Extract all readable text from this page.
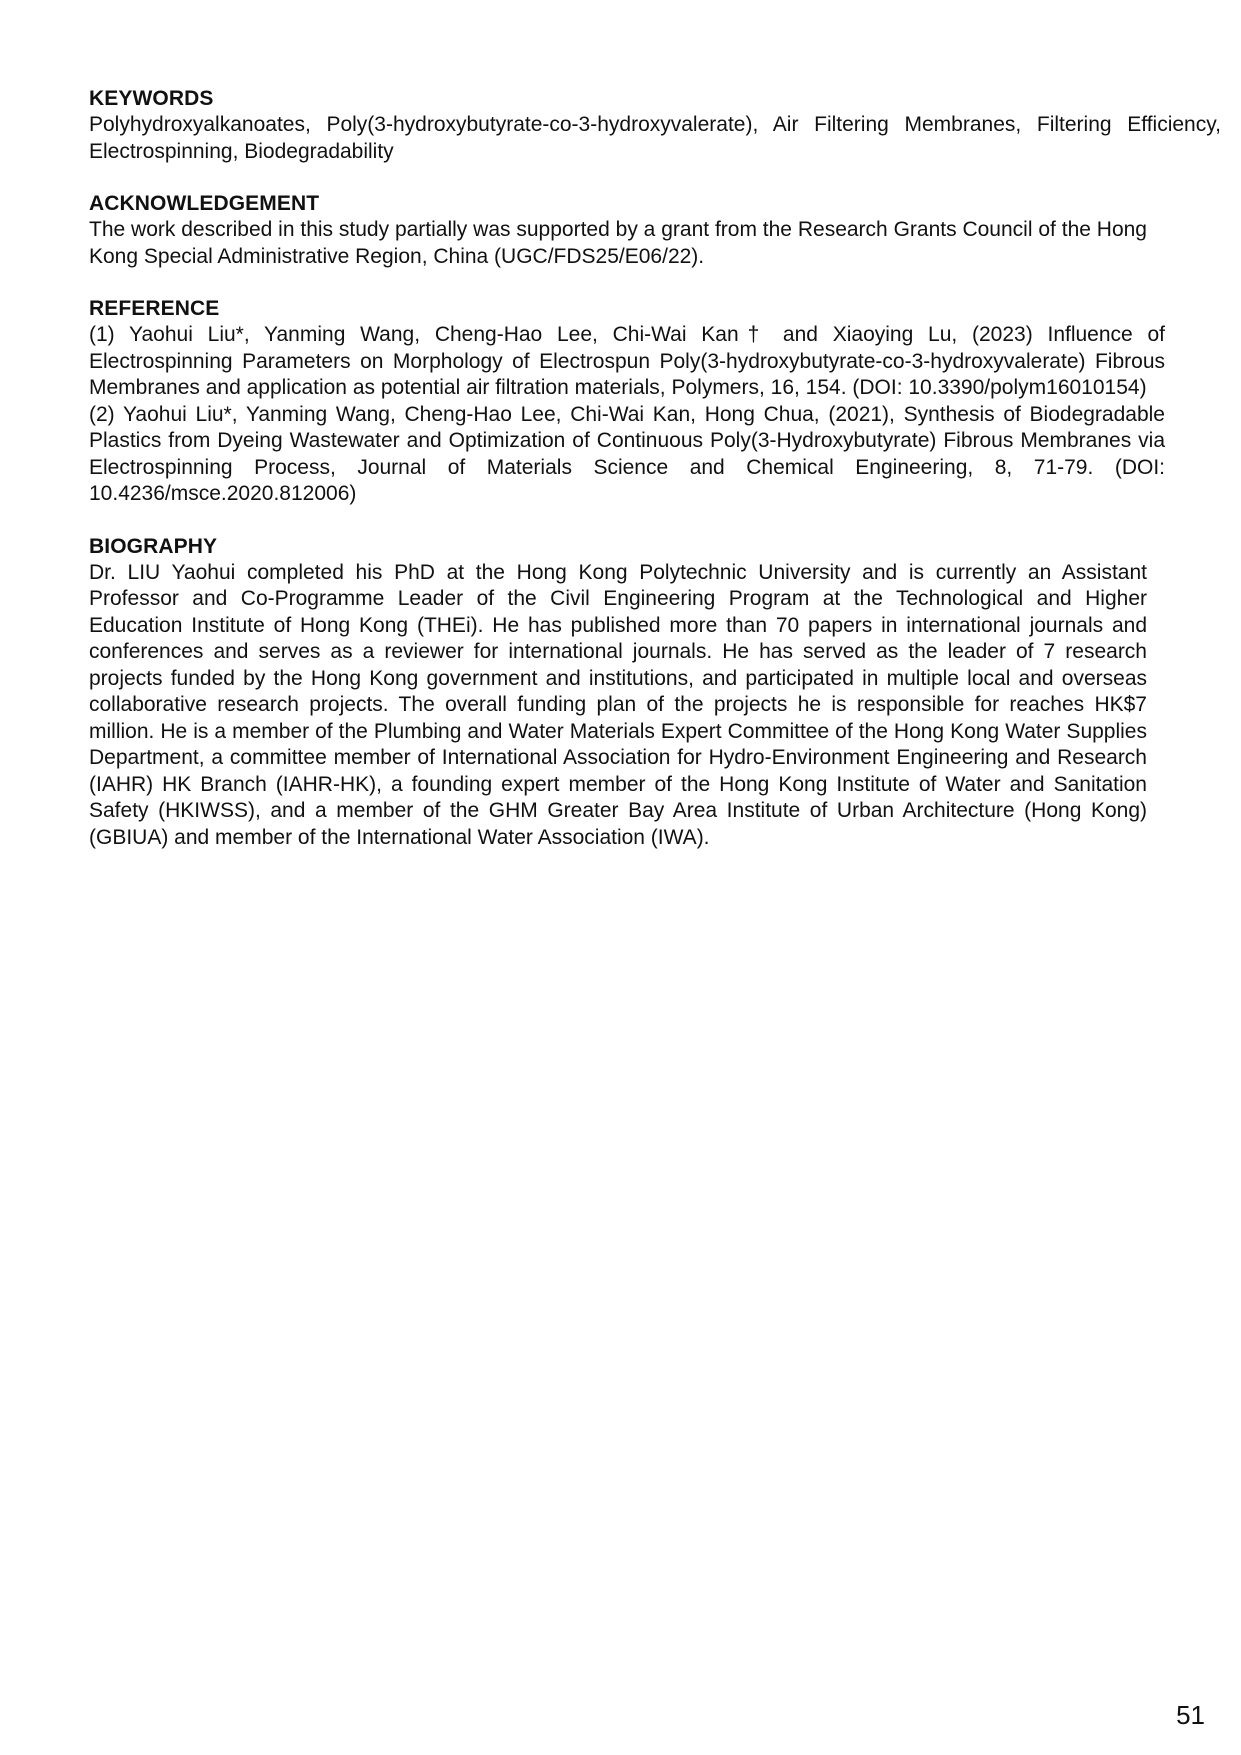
KEYWORDS

Polyhydroxyalkanoates, Poly(3-hydroxybutyrate-co-3-hydroxyvalerate), Air Filtering Membranes, Filtering Efficiency, Electrospinning, Biodegradability

ACKNOWLEDGEMENT

The work described in this study partially was supported by a grant from the Research Grants Council of the Hong Kong Special Administrative Region, China (UGC/FDS25/E06/22).

REFERENCE
(1) Yaohui Liu*, Yanming Wang, Cheng-Hao Lee, Chi-Wai Kan† and Xiaoying Lu, (2023) Influence of Electrospinning Parameters on Morphology of Electrospun Poly(3-hydroxybutyrate-co-3-hydroxyvalerate) Fibrous Membranes and application as potential air filtration materials, Polymers, 16, 154. (DOI: 10.3390/polym16010154)
(2) Yaohui Liu*, Yanming Wang, Cheng-Hao Lee, Chi-Wai Kan, Hong Chua, (2021), Synthesis of Biodegradable Plastics from Dyeing Wastewater and Optimization of Continuous Poly(3-Hydroxybutyrate) Fibrous Membranes via Electrospinning Process, Journal of Materials Science and Chemical Engineering, 8, 71-79. (DOI: 10.4236/msce.2020.812006)
BIOGRAPHY

Dr. LIU Yaohui completed his PhD at the Hong Kong Polytechnic University and is currently an Assistant Professor and Co-Programme Leader of the Civil Engineering Program at the Technological and Higher Education Institute of Hong Kong (THEi). He has published more than 70 papers in international journals and conferences and serves as a reviewer for international journals. He has served as the leader of 7 research projects funded by the Hong Kong government and institutions, and participated in multiple local and overseas collaborative research projects. The overall funding plan of the projects he is responsible for reaches HK$7 million. He is a member of the Plumbing and Water Materials Expert Committee of the Hong Kong Water Supplies Department, a committee member of International Association for Hydro-Environment Engineering and Research (IAHR) HK Branch (IAHR-HK), a founding expert member of the Hong Kong Institute of Water and Sanitation Safety (HKIWSS), and a member of the GHM Greater Bay Area Institute of Urban Architecture (Hong Kong) (GBIUA) and member of the International Water Association (IWA).

51
